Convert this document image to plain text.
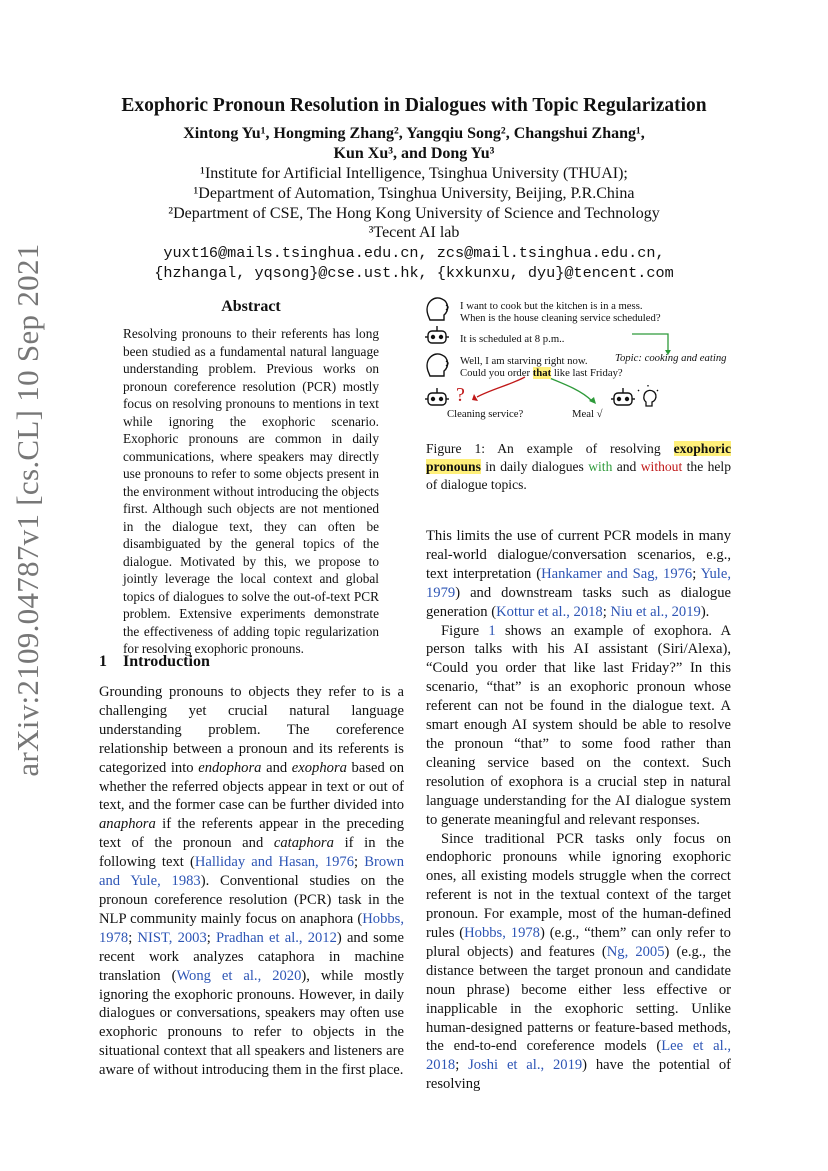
arXiv:2109.04787v1 [cs.CL] 10 Sep 2021
Exophoric Pronoun Resolution in Dialogues with Topic Regularization
Xintong Yu¹, Hongming Zhang², Yangqiu Song², Changshui Zhang¹,
Kun Xu³, and Dong Yu³
¹Institute for Artificial Intelligence, Tsinghua University (THUAI);
¹Department of Automation, Tsinghua University, Beijing, P.R.China
²Department of CSE, The Hong Kong University of Science and Technology
³Tecent AI lab
yuxt16@mails.tsinghua.edu.cn, zcs@mail.tsinghua.edu.cn,
{hzhangal, yqsong}@cse.ust.hk, {kxkunxu, dyu}@tencent.com
Abstract
Resolving pronouns to their referents has long been studied as a fundamental natural language understanding problem. Previous works on pronoun coreference resolution (PCR) mostly focus on resolving pronouns to mentions in text while ignoring the exophoric scenario. Exophoric pronouns are common in daily communications, where speakers may directly use pronouns to refer to some objects present in the environment without introducing the objects first. Although such objects are not mentioned in the dialogue text, they can often be disambiguated by the general topics of the dialogue. Motivated by this, we propose to jointly leverage the local context and global topics of dialogues to solve the out-of-text PCR problem. Extensive experiments demonstrate the effectiveness of adding topic regularization for resolving exophoric pronouns.
1 Introduction
Grounding pronouns to objects they refer to is a challenging yet crucial natural language understanding problem. The coreference relationship between a pronoun and its referents is categorized into endophora and exophora based on whether the referred objects appear in text or out of text, and the former case can be further divided into anaphora if the referents appear in the preceding text of the pronoun and cataphora if in the following text (Halliday and Hasan, 1976; Brown and Yule, 1983). Conventional studies on the pronoun coreference resolution (PCR) task in the NLP community mainly focus on anaphora (Hobbs, 1978; NIST, 2003; Pradhan et al., 2012) and some recent work analyzes cataphora in machine translation (Wong et al., 2020), while mostly ignoring the exophoric pronouns. However, in daily dialogues or conversations, speakers may often use exophoric pronouns to refer to objects in the situational context that all speakers and listeners are aware of without introducing them in the first place.
I want to cook but the kitchen is in a mess.
When is the house cleaning service scheduled?
It is scheduled at 8 p.m..
Well, I am starving right now.
Could you order that like last Friday?
Topic: cooking and eating
?
Cleaning service?	Meal √
Figure 1: An example of resolving exophoric pronouns in daily dialogues with and without the help of dialogue topics.
This limits the use of current PCR models in many real-world dialogue/conversation scenarios, e.g., text interpretation (Hankamer and Sag, 1976; Yule, 1979) and downstream tasks such as dialogue generation (Kottur et al., 2018; Niu et al., 2019).
Figure 1 shows an example of exophora. A person talks with his AI assistant (Siri/Alexa), “Could you order that like last Friday?” In this scenario, “that” is an exophoric pronoun whose referent can not be found in the dialogue text. A smart enough AI system should be able to resolve the pronoun “that” to some food rather than cleaning service based on the context. Such resolution of exophora is a crucial step in natural language understanding for the AI dialogue system to generate meaningful and relevant responses.
Since traditional PCR tasks only focus on endophoric pronouns while ignoring exophoric ones, all existing models struggle when the correct referent is not in the textual context of the target pronoun. For example, most of the human-defined rules (Hobbs, 1978) (e.g., “them” can only refer to plural objects) and features (Ng, 2005) (e.g., the distance between the target pronoun and candidate noun phrase) become either less effective or inapplicable in the exophoric setting. Unlike human-designed patterns or feature-based methods, the end-to-end coreference models (Lee et al., 2018; Joshi et al., 2019) have the potential of resolving
